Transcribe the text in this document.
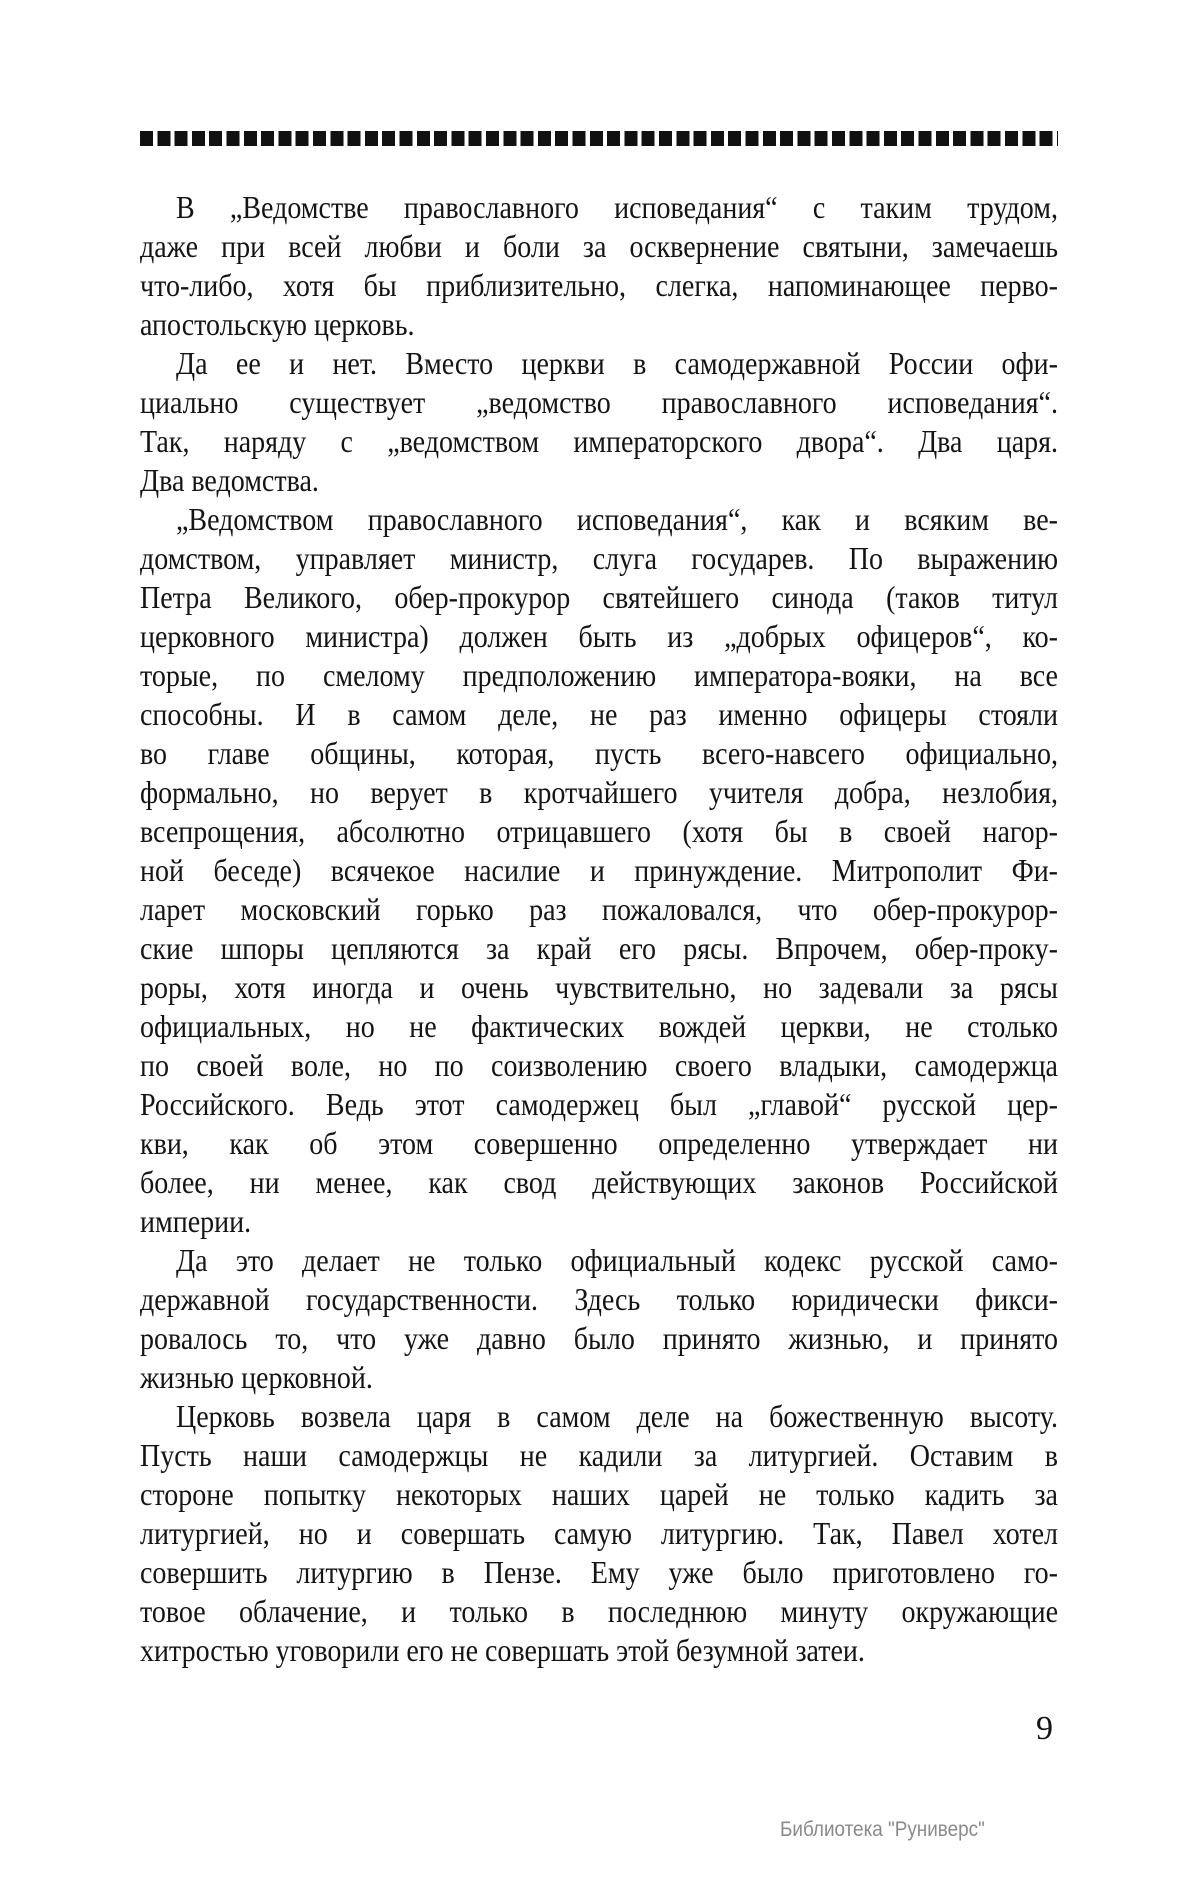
В „Ведомстве православного исповедания“ с таким трудом,
даже при всей любви и боли за осквернение святыни, замечаешь
что-либо, хотя бы приблизительно, слегка, напоминающее перво-
апостольскую церковь.
Да ее и нет. Вместо церкви в самодержавной России офи-
циально существует „ведомство православного исповедания“.
Так, наряду с „ведомством императорского двора“. Два царя.
Два ведомства.
„Ведомством православного исповедания“, как и всяким ве-
домством, управляет министр, слуга государев. По выражению
Петра Великого, обер-прокурор святейшего синода (таков титул
церковного министра) должен быть из „добрых офицеров“, ко-
торые, по смелому предположению императора-вояки, на все
способны. И в самом деле, не раз именно офицеры стояли
во главе общины, которая, пусть всего-навсего официально,
формально, но верует в кротчайшего учителя добра, незлобия,
всепрощения, абсолютно отрицавшего (хотя бы в своей нагор-
ной беседе) всячекое насилие и принуждение. Митрополит Фи-
ларет московский горько раз пожаловался, что обер-прокурор-
ские шпоры цепляются за край его рясы. Впрочем, обер-проку-
роры, хотя иногда и очень чувствительно, но задевали за рясы
официальных, но не фактических вождей церкви, не столько
по своей воле, но по соизволению своего владыки, самодержца
Российского. Ведь этот самодержец был „главой“ русской цер-
кви, как об этом совершенно определенно утверждает ни
более, ни менее, как свод действующих законов Российской
империи.
Да это делает не только официальный кодекс русской само-
державной государственности. Здесь только юридически фикси-
ровалось то, что уже давно было принято жизнью, и принято
жизнью церковной.
Церковь возвела царя в самом деле на божественную высоту.
Пусть наши самодержцы не кадили за литургией. Оставим в
стороне попытку некоторых наших царей не только кадить за
литургией, но и совершать самую литургию. Так, Павел хотел
совершить литургию в Пензе. Ему уже было приготовлено го-
товое облачение, и только в последнюю минуту окружающие
хитростью уговорили его не совершать этой безумной затеи.
9
Библиотека "Руниверс"
